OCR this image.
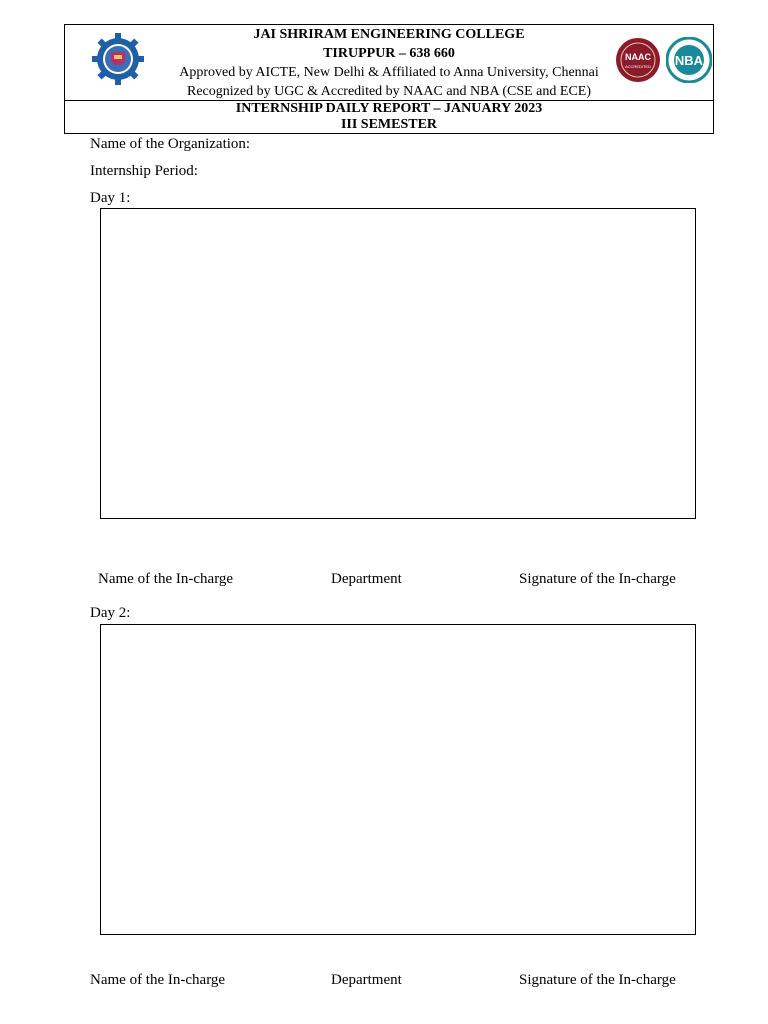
JAI SHRIRAM ENGINEERING COLLEGE
TIRUPPUR – 638 660
Approved by AICTE, New Delhi & Affiliated to Anna University, Chennai
Recognized by UGC & Accredited by NAAC and NBA (CSE and ECE)
NAAC
ACCREDITED NBA
INTERNSHIP DAILY REPORT – JANUARY 2023
III SEMESTER
Name of the Organization:
Internship Period:
Day 1:
Name of the In-charge	Department	Signature of the In-charge
Day 2:
Name of the In-charge	Department	Signature of the In-charge
